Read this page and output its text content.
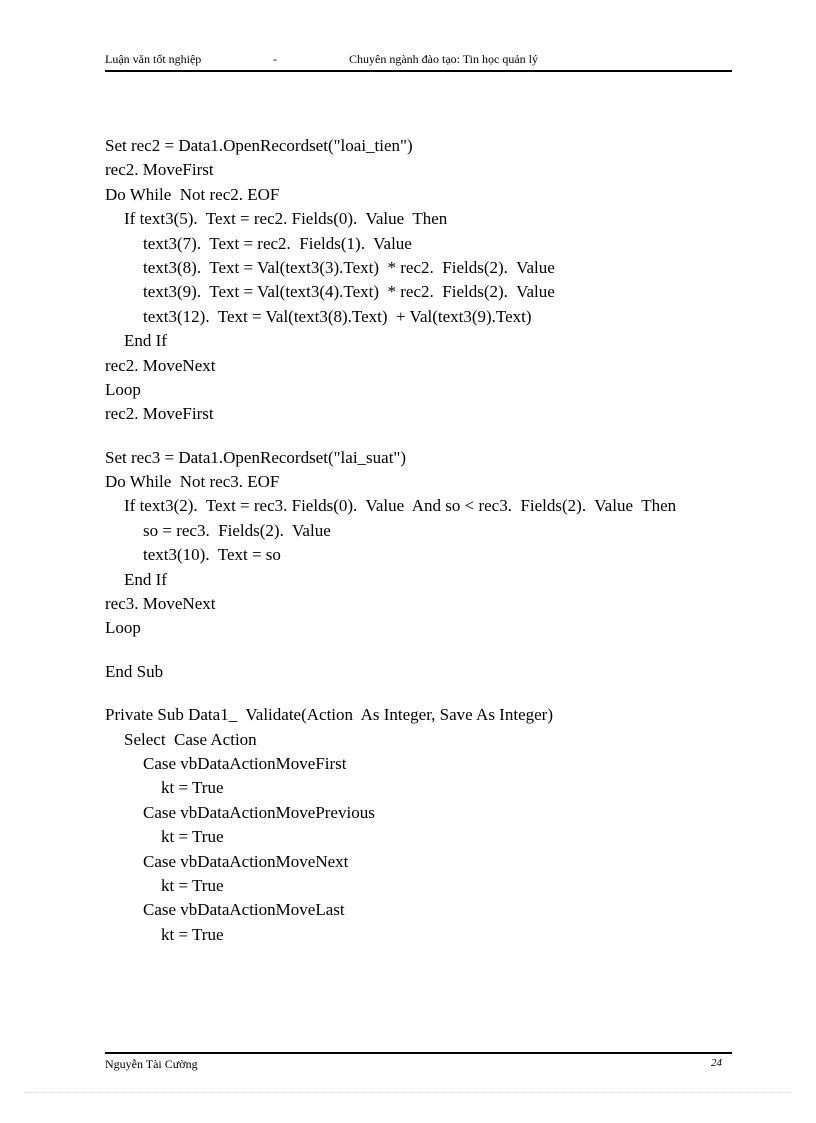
Luận văn tốt nghiệp	-	Chuyên ngành đào tạo: Tin học quản lý
Set rec2 = Data1.OpenRecordset("loai_tien")
rec2. MoveFirst
Do While  Not rec2. EOF
If text3(5).  Text = rec2. Fields(0).  Value  Then
text3(7).  Text = rec2.  Fields(1).  Value
text3(8).  Text = Val(text3(3).Text)  * rec2.  Fields(2).  Value
text3(9).  Text = Val(text3(4).Text)  * rec2.  Fields(2).  Value
text3(12).  Text = Val(text3(8).Text)  + Val(text3(9).Text)
End If
rec2. MoveNext
Loop
rec2. MoveFirst
Set rec3 = Data1.OpenRecordset("lai_suat")
Do While  Not rec3. EOF
If text3(2).  Text = rec3. Fields(0).  Value  And so < rec3.  Fields(2).  Value  Then
so = rec3.  Fields(2).  Value
text3(10).  Text = so
End If
rec3. MoveNext
Loop
End Sub
Private Sub Data1_  Validate(Action  As Integer, Save As Integer)
Select  Case Action
Case vbDataActionMoveFirst
kt = True
Case vbDataActionMovePrevious
kt = True
Case vbDataActionMoveNext
kt = True
Case vbDataActionMoveLast
kt = True
Nguyễn Tài Cường	24
